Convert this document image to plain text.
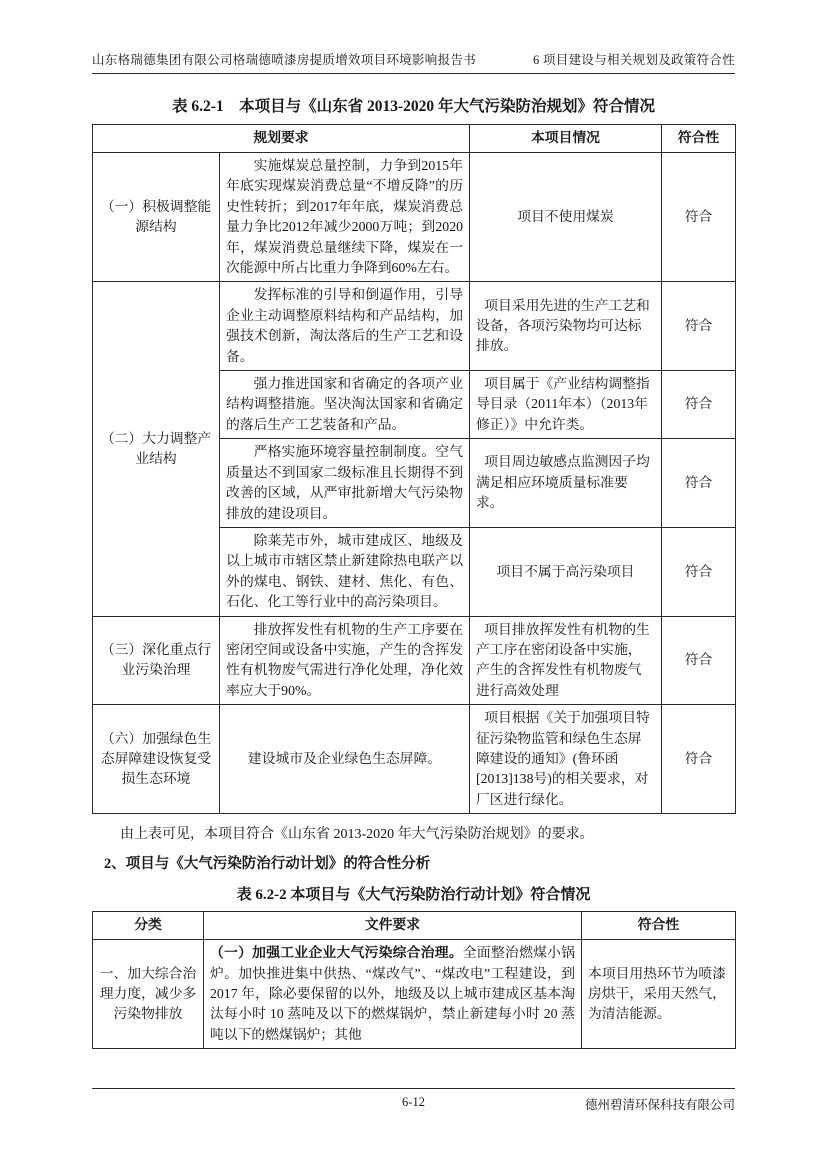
山东格瑞德集团有限公司格瑞德喷漆房提质增效项目环境影响报告书	6 项目建设与相关规划及政策符合性
表 6.2-1　本项目与《山东省 2013-2020 年大气污染防治规划》符合情况
规划要求		本项目情况	符合性
（一）积极调整能源结构	实施煤炭总量控制，力争到2015年年底实现煤炭消费总量“不增反降”的历史性转折；到2017年年底，煤炭消费总量力争比2012年减少2000万吨；到2020年，煤炭消费总量继续下降，煤炭在一次能源中所占比重力争降到60%左右。	项目不使用煤炭	符合
（二）大力调整产业结构	发挥标准的引导和倒逼作用，引导企业主动调整原料结构和产品结构，加强技术创新，淘汰落后的生产工艺和设备。	项目采用先进的生产工艺和设备，各项污染物均可达标排放。	符合

	强力推进国家和省确定的各项产业结构调整措施。坚决淘汰国家和省确定的落后生产工艺装备和产品。	项目属于《产业结构调整指导目录（2011年本）（2013年修正）》中允许类。	符合

	严格实施环境容量控制制度。空气质量达不到国家二级标准且长期得不到改善的区域，从严审批新增大气污染物排放的建设项目。	项目周边敏感点监测因子均满足相应环境质量标准要求。	符合

	除莱芜市外，城市建成区、地级及以上城市市辖区禁止新建除热电联产以外的煤电、钢铁、建材、焦化、有色、石化、化工等行业中的高污染项目。	项目不属于高污染项目	符合
（三）深化重点行业污染治理	排放挥发性有机物的生产工序要在密闭空间或设备中实施，产生的含挥发性有机物废气需进行净化处理，净化效率应大于90%。	项目排放挥发性有机物的生产工序在密闭设备中实施，产生的含挥发性有机物废气进行高效处理	符合
（六）加强绿色生态屏障建设恢复受损生态环境	建设城市及企业绿色生态屏障。	项目根据《关于加强项目特征污染物监管和绿色生态屏障建设的通知》(鲁环函[2013]138号)的相关要求，对厂区进行绿化。	符合

由上表可见，本项目符合《山东省 2013-2020 年大气污染防治规划》的要求。

2、项目与《大气污染防治行动计划》的符合性分析
表 6.2-2 本项目与《大气污染防治行动计划》符合情况
分类	文件要求	符合性
一、加大综合治理力度，减少多污染物排放	（一）加强工业企业大气污染综合治理。全面整治燃煤小锅炉。加快推进集中供热、“煤改气”、“煤改电”工程建设，到 2017 年，除必要保留的以外，地级及以上城市建成区基本淘汰每小时 10 蒸吨及以下的燃煤锅炉，禁止新建每小时 20 蒸吨以下的燃煤锅炉；其他	本项目用热环节为喷漆房烘干，采用天然气，为清洁能源。
6-12	德州碧清环保科技有限公司
